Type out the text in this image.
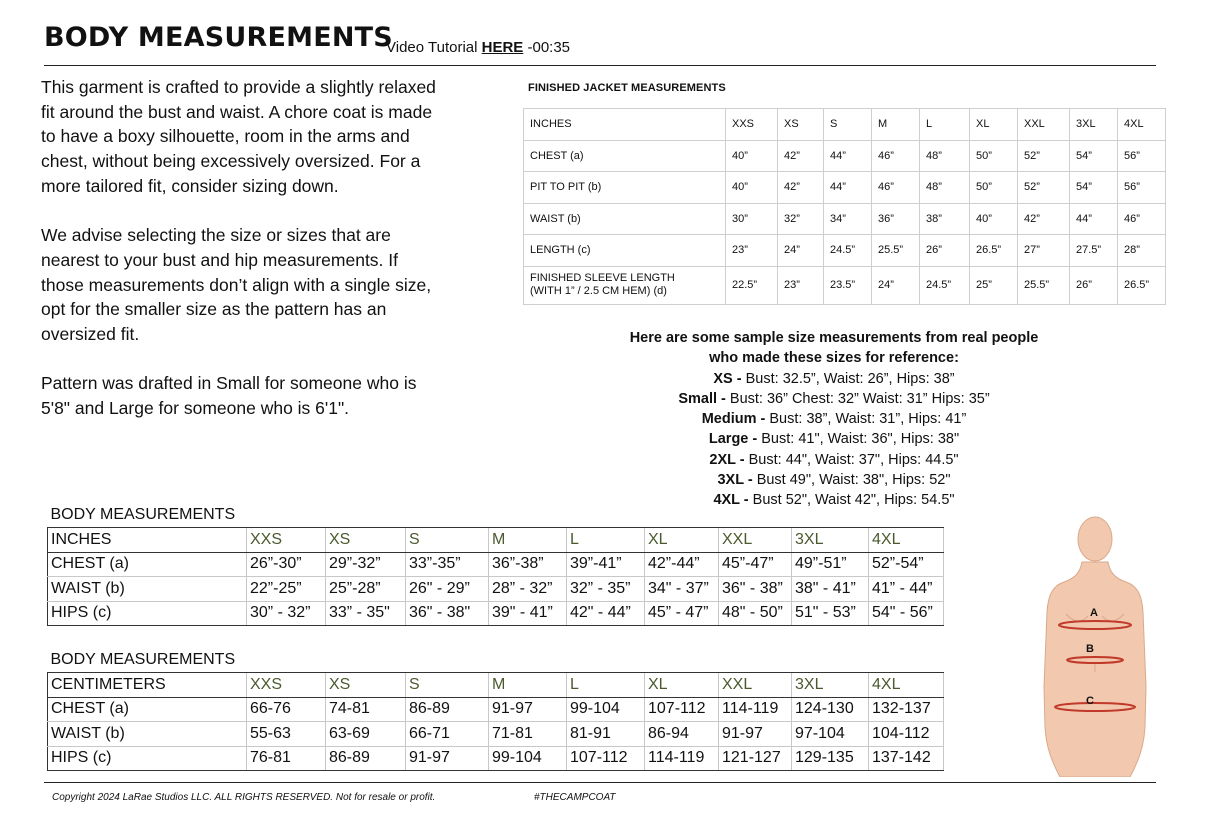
BODY MEASUREMENTS
Video Tutorial HERE -00:35

This garment is crafted to provide a slightly relaxed fit around the bust and waist. A chore coat is made to have a boxy silhouette, room in the arms and chest, without being excessively oversized. For a more tailored fit, consider sizing down.

We advise selecting the size or sizes that are nearest to your bust and hip measurements. If those measurements don’t align with a single size, opt for the smaller size as the pattern has an oversized fit.

Pattern was drafted in Small for someone who is 5'8" and Large for someone who is 6'1".

FINISHED JACKET MEASUREMENTS
INCHES	XXS	XS	S	M	L	XL	XXL	3XL	4XL
CHEST (a)	40”	42”	44”	46”	48”	50”	52”	54”	56”
PIT TO PIT (b)	40”	42”	44”	46”	48”	50”	52”	54”	56”
WAIST (b)	30”	32”	34”	36”	38”	40”	42”	44”	46”
LENGTH (c)	23”	24”	24.5”	25.5”	26”	26.5”	27”	27.5”	28”

FINISHED SLEEVE LENGTH
(WITH 1” / 2.5 CM HEM) (d)	22.5”	23”	23.5”	24”	24.5”	25”	25.5”	26”	26.5”
Here are some sample size measurements from real people
who made these sizes for reference:
XS - Bust: 32.5”, Waist: 26”, Hips: 38”
Small - Bust: 36” Chest: 32” Waist: 31” Hips: 35”
Medium - Bust: 38”, Waist: 31”, Hips: 41”
Large - Bust: 41", Waist: 36", Hips: 38"
2XL - Bust: 44", Waist: 37", Hips: 44.5"
3XL - Bust 49", Waist: 38", Hips: 52"
4XL - Bust 52", Waist 42", Hips: 54.5"
BODY MEASUREMENTS									
INCHES	XXS	XS	S	M	L	XL	XXL	3XL	4XL
CHEST (a)	26”-30”	29”-32”	33”-35”	36”-38”	39”-41”	42”-44”	45”-47”	49”-51”	52”-54”
WAIST (b)	22”-25”	25”-28”	26" - 29”	28” - 32”	32” - 35”	34" - 37”	36" - 38”	38" - 41”	41” - 44”
HIPS (c)	30” - 32”	33” - 35"	36" - 38"	39" - 41”	42" - 44”	45” - 47”	48" - 50”	51" - 53”	54" - 56”
BODY MEASUREMENTS									
CENTIMETERS	XXS	XS	S	M	L	XL	XXL	3XL	4XL
CHEST (a)	66-76	74-81	86-89	91-97	99-104	107-112	114-119	124-130	132-137
WAIST (b)	55-63	63-69	66-71	71-81	81-91	86-94	91-97	97-104	104-112
HIPS (c)	76-81	86-89	91-97	99-104	107-112	114-119	121-127	129-135	137-142
A
B
C
Copyright 2024 LaRae Studios LLC. ALL RIGHTS RESERVED. Not for resale or profit.	#THECAMPCOAT
